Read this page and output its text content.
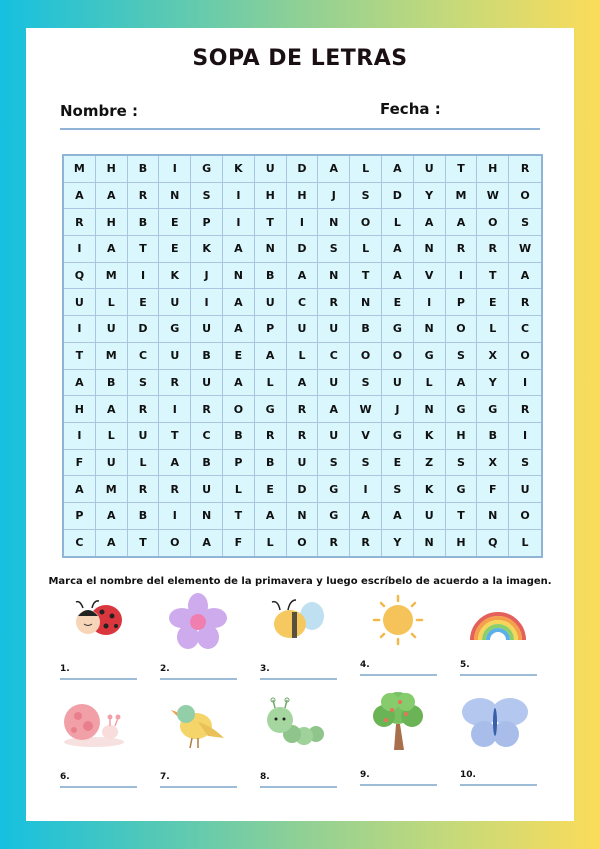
SOPA DE LETRAS
Nombre :	Fecha :
M	H	B	I	G	K	U	D	A	L	A	U	T	H	R
A	A	R	N	S	I	H	H	J	S	D	Y	M	W	O
R	H	B	E	P	I	T	I	N	O	L	A	A	O	S
I	A	T	E	K	A	N	D	S	L	A	N	R	R	W
Q	M	I	K	J	N	B	A	N	T	A	V	I	T	A
U	L	E	U	I	A	U	C	R	N	E	I	P	E	R
I	U	D	G	U	A	P	U	U	B	G	N	O	L	C
T	M	C	U	B	E	A	L	C	O	O	G	S	X	O
A	B	S	R	U	A	L	A	U	S	U	L	A	Y	I
H	A	R	I	R	O	G	R	A	W	J	N	G	G	R
I	L	U	T	C	B	R	R	U	V	G	K	H	B	I
F	U	L	A	B	P	B	U	S	S	E	Z	S	X	S
A	M	R	R	U	L	E	D	G	I	S	K	G	F	U
P	A	B	I	N	T	A	N	G	A	A	U	T	N	O
C	A	T	O	A	F	L	O	R	R	Y	N	H	Q	L
Marca el nombre del elemento de la primavera y luego escríbelo de acuerdo a la imagen.
1.	2.	3.	4.	5.
6.	7.	8.	9.	10.
